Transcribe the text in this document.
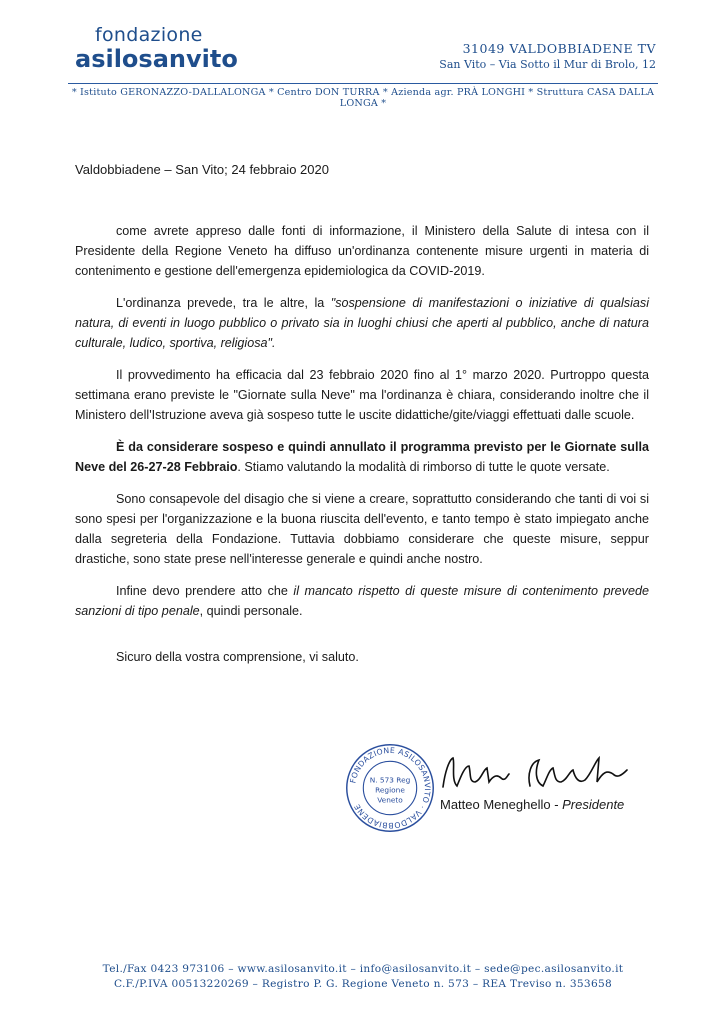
fondazione
asilosanvito	31049 VALDOBBIADENE TV
San Vito – Via Sotto il Mur di Brolo, 12
* Istituto GERONAZZO-DALLALONGA * Centro DON TURRA * Azienda agr. PRÀ LONGHI * Struttura CASA DALLA LONGA *
Valdobbiadene – San Vito; 24 febbraio 2020

come avrete appreso dalle fonti di informazione, il Ministero della Salute di intesa con il Presidente della Regione Veneto ha diffuso un'ordinanza contenente misure urgenti in materia di contenimento e gestione dell'emergenza epidemiologica da COVID-2019.

L'ordinanza prevede, tra le altre, la "sospensione di manifestazioni o iniziative di qualsiasi natura, di eventi in luogo pubblico o privato sia in luoghi chiusi che aperti al pubblico, anche di natura culturale, ludico, sportiva, religiosa".

Il provvedimento ha efficacia dal 23 febbraio 2020 fino al 1° marzo 2020. Purtroppo questa settimana erano previste le "Giornate sulla Neve" ma l'ordinanza è chiara, considerando inoltre che il Ministero dell'Istruzione aveva già sospeso tutte le uscite didattiche/gite/viaggi effettuati dalle scuole.

È da considerare sospeso e quindi annullato il programma previsto per le Giornate sulla Neve del 26-27-28 Febbraio. Stiamo valutando la modalità di rimborso di tutte le quote versate.

Sono consapevole del disagio che si viene a creare, soprattutto considerando che tanti di voi si sono spesi per l'organizzazione e la buona riuscita dell'evento, e tanto tempo è stato impiegato anche dalla segreteria della Fondazione. Tuttavia dobbiamo considerare che queste misure, seppur drastiche, sono state prese nell'interesse generale e quindi anche nostro.

Infine devo prendere atto che il mancato rispetto di queste misure di contenimento prevede sanzioni di tipo penale, quindi personale.

Sicuro della vostra comprensione, vi saluto.
FONDAZIONE ASILOSANVITO · VALDOBBIADENE
N. 573 Reg
Regione
Veneto	Matteo Meneghello - Presidente
Tel./Fax 0423 973106 – www.asilosanvito.it – info@asilosanvito.it – sede@pec.asilosanvito.it
C.F./P.IVA 00513220269 – Registro P. G. Regione Veneto n. 573 – REA Treviso n. 353658
